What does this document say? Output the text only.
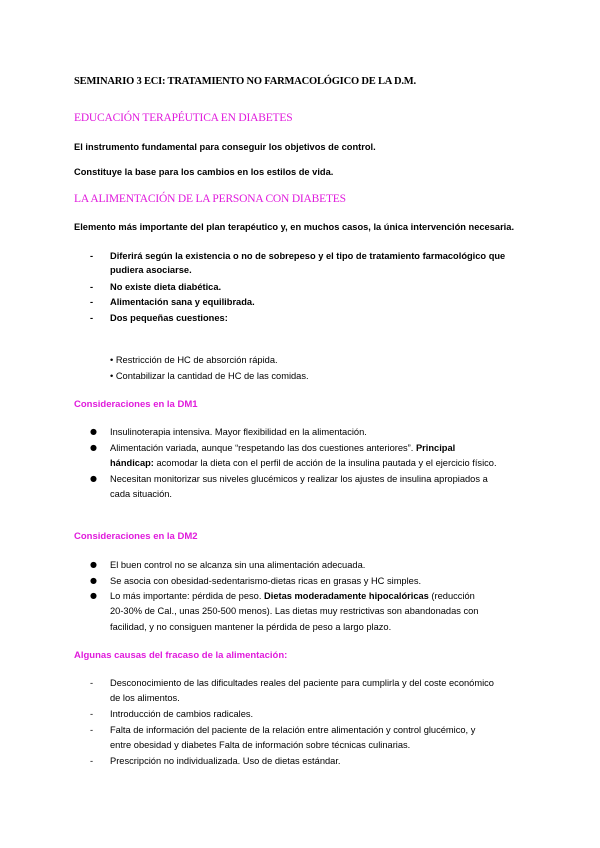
SEMINARIO 3 ECI: TRATAMIENTO NO FARMACOLÓGICO DE LA D.M.
EDUCACIÓN TERAPÉUTICA EN DIABETES
El instrumento fundamental para conseguir los objetivos de control.
Constituye la base para los cambios en los estilos de vida.
LA ALIMENTACIÓN DE LA PERSONA CON DIABETES
Elemento más importante del plan terapéutico y, en muchos casos, la única intervención necesaria.
- Diferirá según la existencia o no de sobrepeso y el tipo de tratamiento farmacológico que
pudiera asociarse.
- No existe dieta diabética.
- Alimentación sana y equilibrada.
- Dos pequeñas cuestiones:
• Restricción de HC de absorción rápida.
• Contabilizar la cantidad de HC de las comidas.
Consideraciones en la DM1
● Insulinoterapia intensiva. Mayor flexibilidad en la alimentación.
● Alimentación variada, aunque “respetando las dos cuestiones anteriores”. Principal
hándicap: acomodar la dieta con el perfil de acción de la insulina pautada y el ejercicio físico.
● Necesitan monitorizar sus niveles glucémicos y realizar los ajustes de insulina apropiados a
cada situación.
Consideraciones en la DM2
● El buen control no se alcanza sin una alimentación adecuada.
● Se asocia con obesidad-sedentarismo-dietas ricas en grasas y HC simples.
● Lo más importante: pérdida de peso. Dietas moderadamente hipocalóricas (reducción
20-30% de Cal., unas 250-500 menos). Las dietas muy restrictivas son abandonadas con
facilidad, y no consiguen mantener la pérdida de peso a largo plazo.
Algunas causas del fracaso de la alimentación:
- Desconocimiento de las dificultades reales del paciente para cumplirla y del coste económico
de los alimentos.
- Introducción de cambios radicales.
- Falta de información del paciente de la relación entre alimentación y control glucémico, y
entre obesidad y diabetes Falta de información sobre técnicas culinarias.
- Prescripción no individualizada. Uso de dietas estándar.
